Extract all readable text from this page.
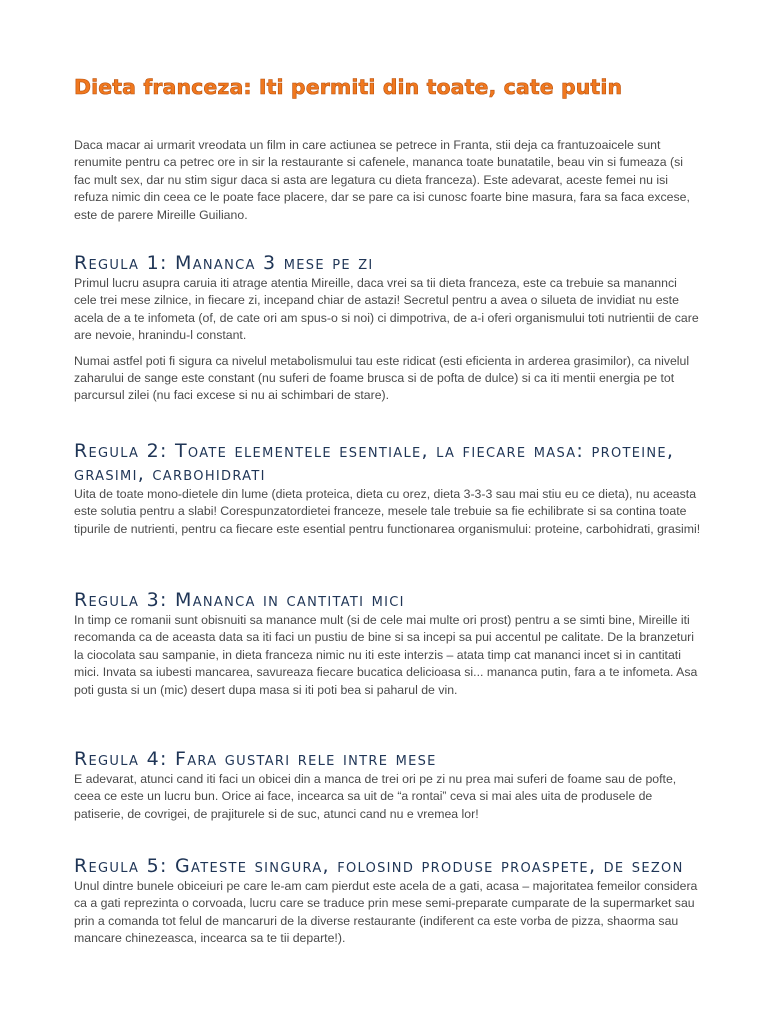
Dieta franceza: Iti permiti din toate, cate putin

Daca macar ai urmarit vreodata un film in care actiunea se petrece in Franta, stii deja ca frantuzoaicele sunt renumite pentru ca petrec ore in sir la restaurante si cafenele, mananca toate bunatatile, beau vin si fumeaza (si fac mult sex, dar nu stim sigur daca si asta are legatura cu dieta franceza). Este adevarat, aceste femei nu isi refuza nimic din ceea ce le poate face placere, dar se pare ca isi cunosc foarte bine masura, fara sa faca excese, este de parere Mireille Guiliano.

Regula 1: Mananca 3 mese pe zi

Primul lucru asupra caruia iti atrage atentia Mireille, daca vrei sa tii dieta franceza, este ca trebuie sa manannci cele trei mese zilnice, in fiecare zi, incepand chiar de astazi! Secretul pentru a avea o silueta de invidiat nu este acela de a te infometa (of, de cate ori am spus-o si noi) ci dimpotriva, de a-i oferi organismului toti nutrientii de care are nevoie, hranindu-l constant.

Numai astfel poti fi sigura ca nivelul metabolismului tau este ridicat (esti eficienta in arderea grasimilor), ca nivelul zaharului de sange este constant (nu suferi de foame brusca si de pofta de dulce) si ca iti mentii energia pe tot parcursul zilei (nu faci excese si nu ai schimbari de stare).

Regula 2: Toate elementele esentiale, la fiecare masa: proteine, grasimi, carbohidrati

Uita de toate mono-dietele din lume (dieta proteica, dieta cu orez, dieta 3-3-3 sau mai stiu eu ce dieta), nu aceasta este solutia pentru a slabi! Corespunzatordietei franceze, mesele tale trebuie sa fie echilibrate si sa contina toate tipurile de nutrienti, pentru ca fiecare este esential pentru functionarea organismului: proteine, carbohidrati, grasimi!

Regula 3: Mananca in cantitati mici

In timp ce romanii sunt obisnuiti sa manance mult (si de cele mai multe ori prost) pentru a se simti bine, Mireille iti recomanda ca de aceasta data sa iti faci un pustiu de bine si sa incepi sa pui accentul pe calitate. De la branzeturi la ciocolata sau sampanie, in dieta franceza nimic nu iti este interzis – atata timp cat mananci incet si in cantitati mici. Invata sa iubesti mancarea, savureaza fiecare bucatica delicioasa si... mananca putin, fara a te infometa. Asa poti gusta si un (mic) desert dupa masa si iti poti bea si paharul de vin.

Regula 4: Fara gustari rele intre mese

E adevarat, atunci cand iti faci un obicei din a manca de trei ori pe zi nu prea mai suferi de foame sau de pofte, ceea ce este un lucru bun. Orice ai face, incearca sa uit de “a rontai” ceva si mai ales uita de produsele de patiserie, de covrigei, de prajiturele si de suc, atunci cand nu e vremea lor!

Regula 5: Gateste singura, folosind produse proaspete, de sezon

Unul dintre bunele obiceiuri pe care le-am cam pierdut este acela de a gati, acasa – majoritatea femeilor considera ca a gati reprezinta o corvoada, lucru care se traduce prin mese semi-preparate cumparate de la supermarket sau prin a comanda tot felul de mancaruri de la diverse restaurante (indiferent ca este vorba de pizza, shaorma sau mancare chinezeasca, incearca sa te tii departe!).
